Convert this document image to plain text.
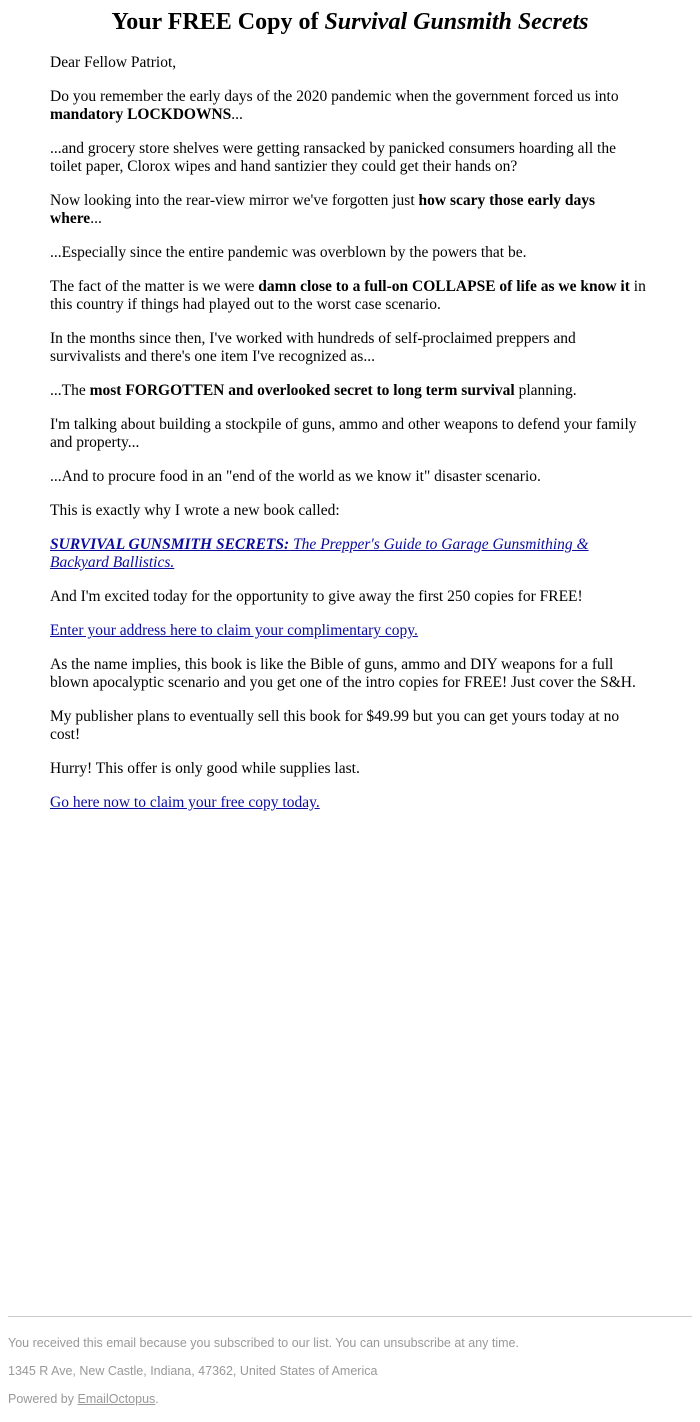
Your FREE Copy of Survival Gunsmith Secrets

Dear Fellow Patriot,

Do you remember the early days of the 2020 pandemic when the government forced us into mandatory LOCKDOWNS...

...and grocery store shelves were getting ransacked by panicked consumers hoarding all the toilet paper, Clorox wipes and hand santizier they could get their hands on?

Now looking into the rear-view mirror we've forgotten just how scary those early days where...

...Especially since the entire pandemic was overblown by the powers that be.

The fact of the matter is we were damn close to a full-on COLLAPSE of life as we know it in this country if things had played out to the worst case scenario.

In the months since then, I've worked with hundreds of self-proclaimed preppers and survivalists and there's one item I've recognized as...

...The most FORGOTTEN and overlooked secret to long term survival planning.

I'm talking about building a stockpile of guns, ammo and other weapons to defend your family and property...

...And to procure food in an "end of the world as we know it" disaster scenario.

This is exactly why I wrote a new book called:

SURVIVAL GUNSMITH SECRETS: The Prepper's Guide to Garage Gunsmithing & Backyard Ballistics.

And I'm excited today for the opportunity to give away the first 250 copies for FREE!

Enter your address here to claim your complimentary copy.

As the name implies, this book is like the Bible of guns, ammo and DIY weapons for a full blown apocalyptic scenario and you get one of the intro copies for FREE! Just cover the S&H.

My publisher plans to eventually sell this book for $49.99 but you can get yours today at no cost!

Hurry! This offer is only good while supplies last.

Go here now to claim your free copy today.

You received this email because you subscribed to our list. You can unsubscribe at any time.

1345 R Ave, New Castle, Indiana, 47362, United States of America

Powered by EmailOctopus.
